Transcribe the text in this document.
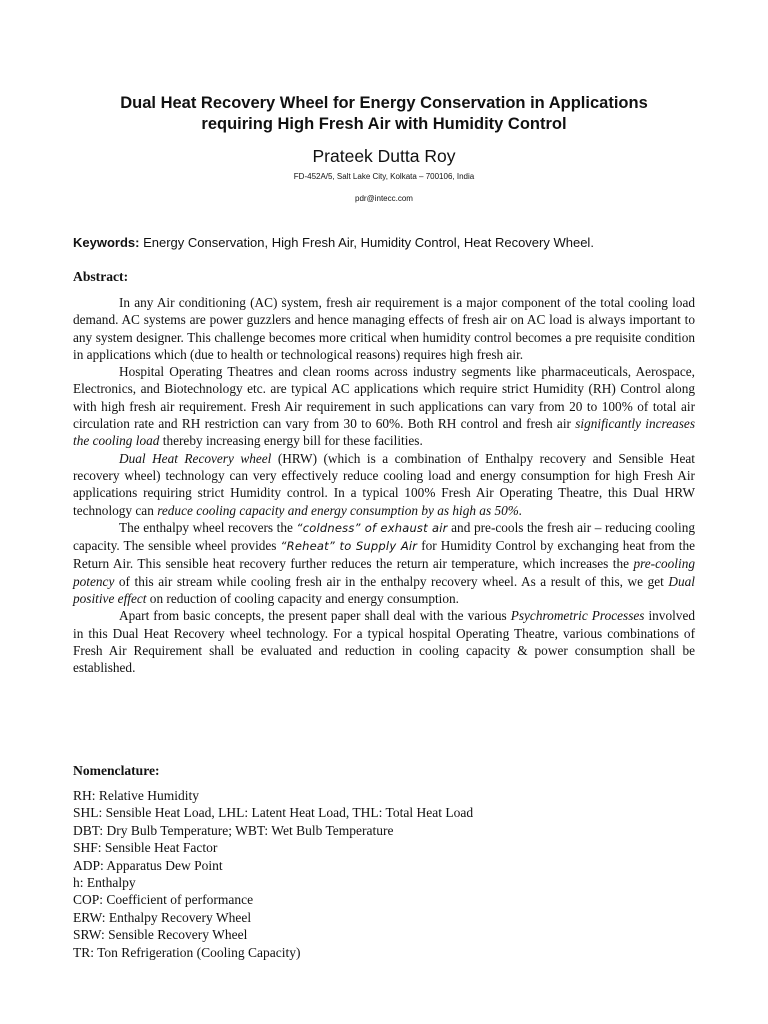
Dual Heat Recovery Wheel for Energy Conservation in Applications
requiring High Fresh Air with Humidity Control
Prateek Dutta Roy
FD-452A/5, Salt Lake City, Kolkata – 700106, India
pdr@intecc.com
Keywords: Energy Conservation, High Fresh Air, Humidity Control, Heat Recovery Wheel.
Abstract:

In any Air conditioning (AC) system, fresh air requirement is a major component of the total cooling load demand. AC systems are power guzzlers and hence managing effects of fresh air on AC load is always important to any system designer. This challenge becomes more critical when humidity control becomes a pre requisite condition in applications which (due to health or technological reasons) requires high fresh air.

Hospital Operating Theatres and clean rooms across industry segments like pharmaceuticals, Aerospace, Electronics, and Biotechnology etc. are typical AC applications which require strict Humidity (RH) Control along with high fresh air requirement. Fresh Air requirement in such applications can vary from 20 to 100% of total air circulation rate and RH restriction can vary from 30 to 60%. Both RH control and fresh air significantly increases the cooling load thereby increasing energy bill for these facilities.

Dual Heat Recovery wheel (HRW) (which is a combination of Enthalpy recovery and Sensible Heat recovery wheel) technology can very effectively reduce cooling load and energy consumption for high Fresh Air applications requiring strict Humidity control. In a typical 100% Fresh Air Operating Theatre, this Dual HRW technology can reduce cooling capacity and energy consumption by as high as 50%.

The enthalpy wheel recovers the “coldness” of exhaust air and pre-cools the fresh air – reducing cooling capacity. The sensible wheel provides “Reheat” to Supply Air for Humidity Control by exchanging heat from the Return Air. This sensible heat recovery further reduces the return air temperature, which increases the pre-cooling potency of this air stream while cooling fresh air in the enthalpy recovery wheel. As a result of this, we get Dual positive effect on reduction of cooling capacity and energy consumption.

Apart from basic concepts, the present paper shall deal with the various Psychrometric Processes involved in this Dual Heat Recovery wheel technology. For a typical hospital Operating Theatre, various combinations of Fresh Air Requirement shall be evaluated and reduction in cooling capacity & power consumption shall be established.

Nomenclature:
RH: Relative Humidity
SHL: Sensible Heat Load, LHL: Latent Heat Load, THL: Total Heat Load
DBT: Dry Bulb Temperature; WBT: Wet Bulb Temperature
SHF: Sensible Heat Factor
ADP: Apparatus Dew Point
h: Enthalpy
COP: Coefficient of performance
ERW: Enthalpy Recovery Wheel
SRW: Sensible Recovery Wheel
TR: Ton Refrigeration (Cooling Capacity)
